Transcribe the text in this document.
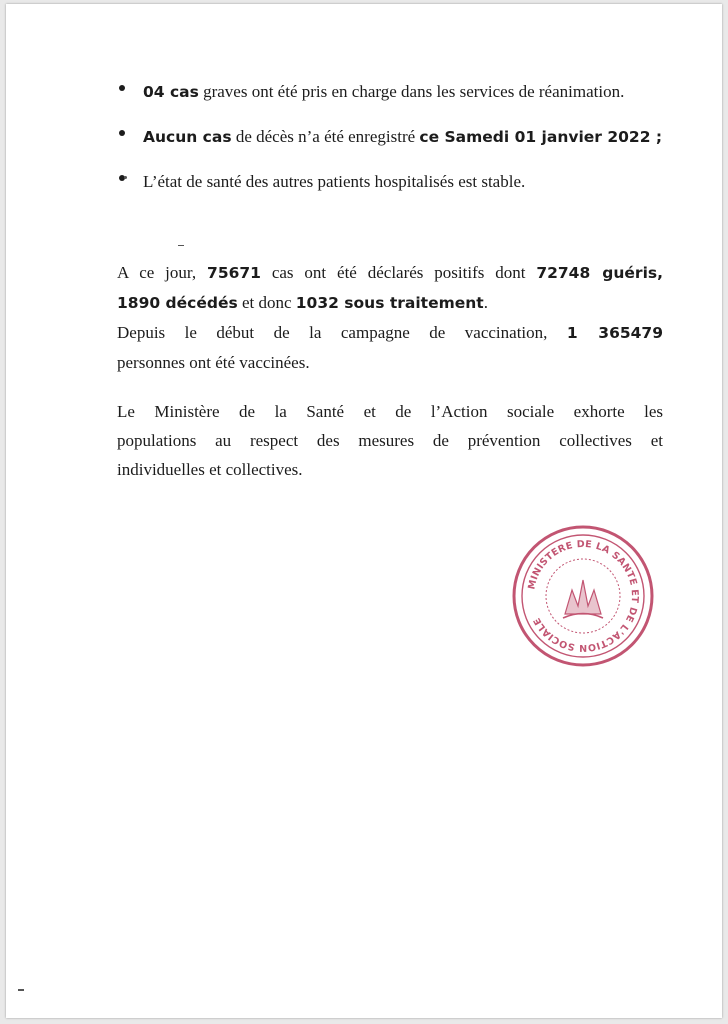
04 cas graves ont été pris en charge dans les services de réanimation.

Aucun cas de décès n’a été enregistré ce Samedi 01 janvier 2022 ;

L’état de santé des autres patients hospitalisés est stable.

A ce jour, 75671 cas ont été déclarés positifs dont 72748 guéris,

1890 décédés et donc 1032 sous traitement.

Depuis le début de la campagne de vaccination, 1 365479

personnes ont été vaccinées.

Le Ministère de la Santé et de l’Action sociale exhorte les

populations au respect des mesures de prévention collectives et

individuelles et collectives.

MINISTERE DE LA SANTE ET DE L'ACTION SOCIALE
